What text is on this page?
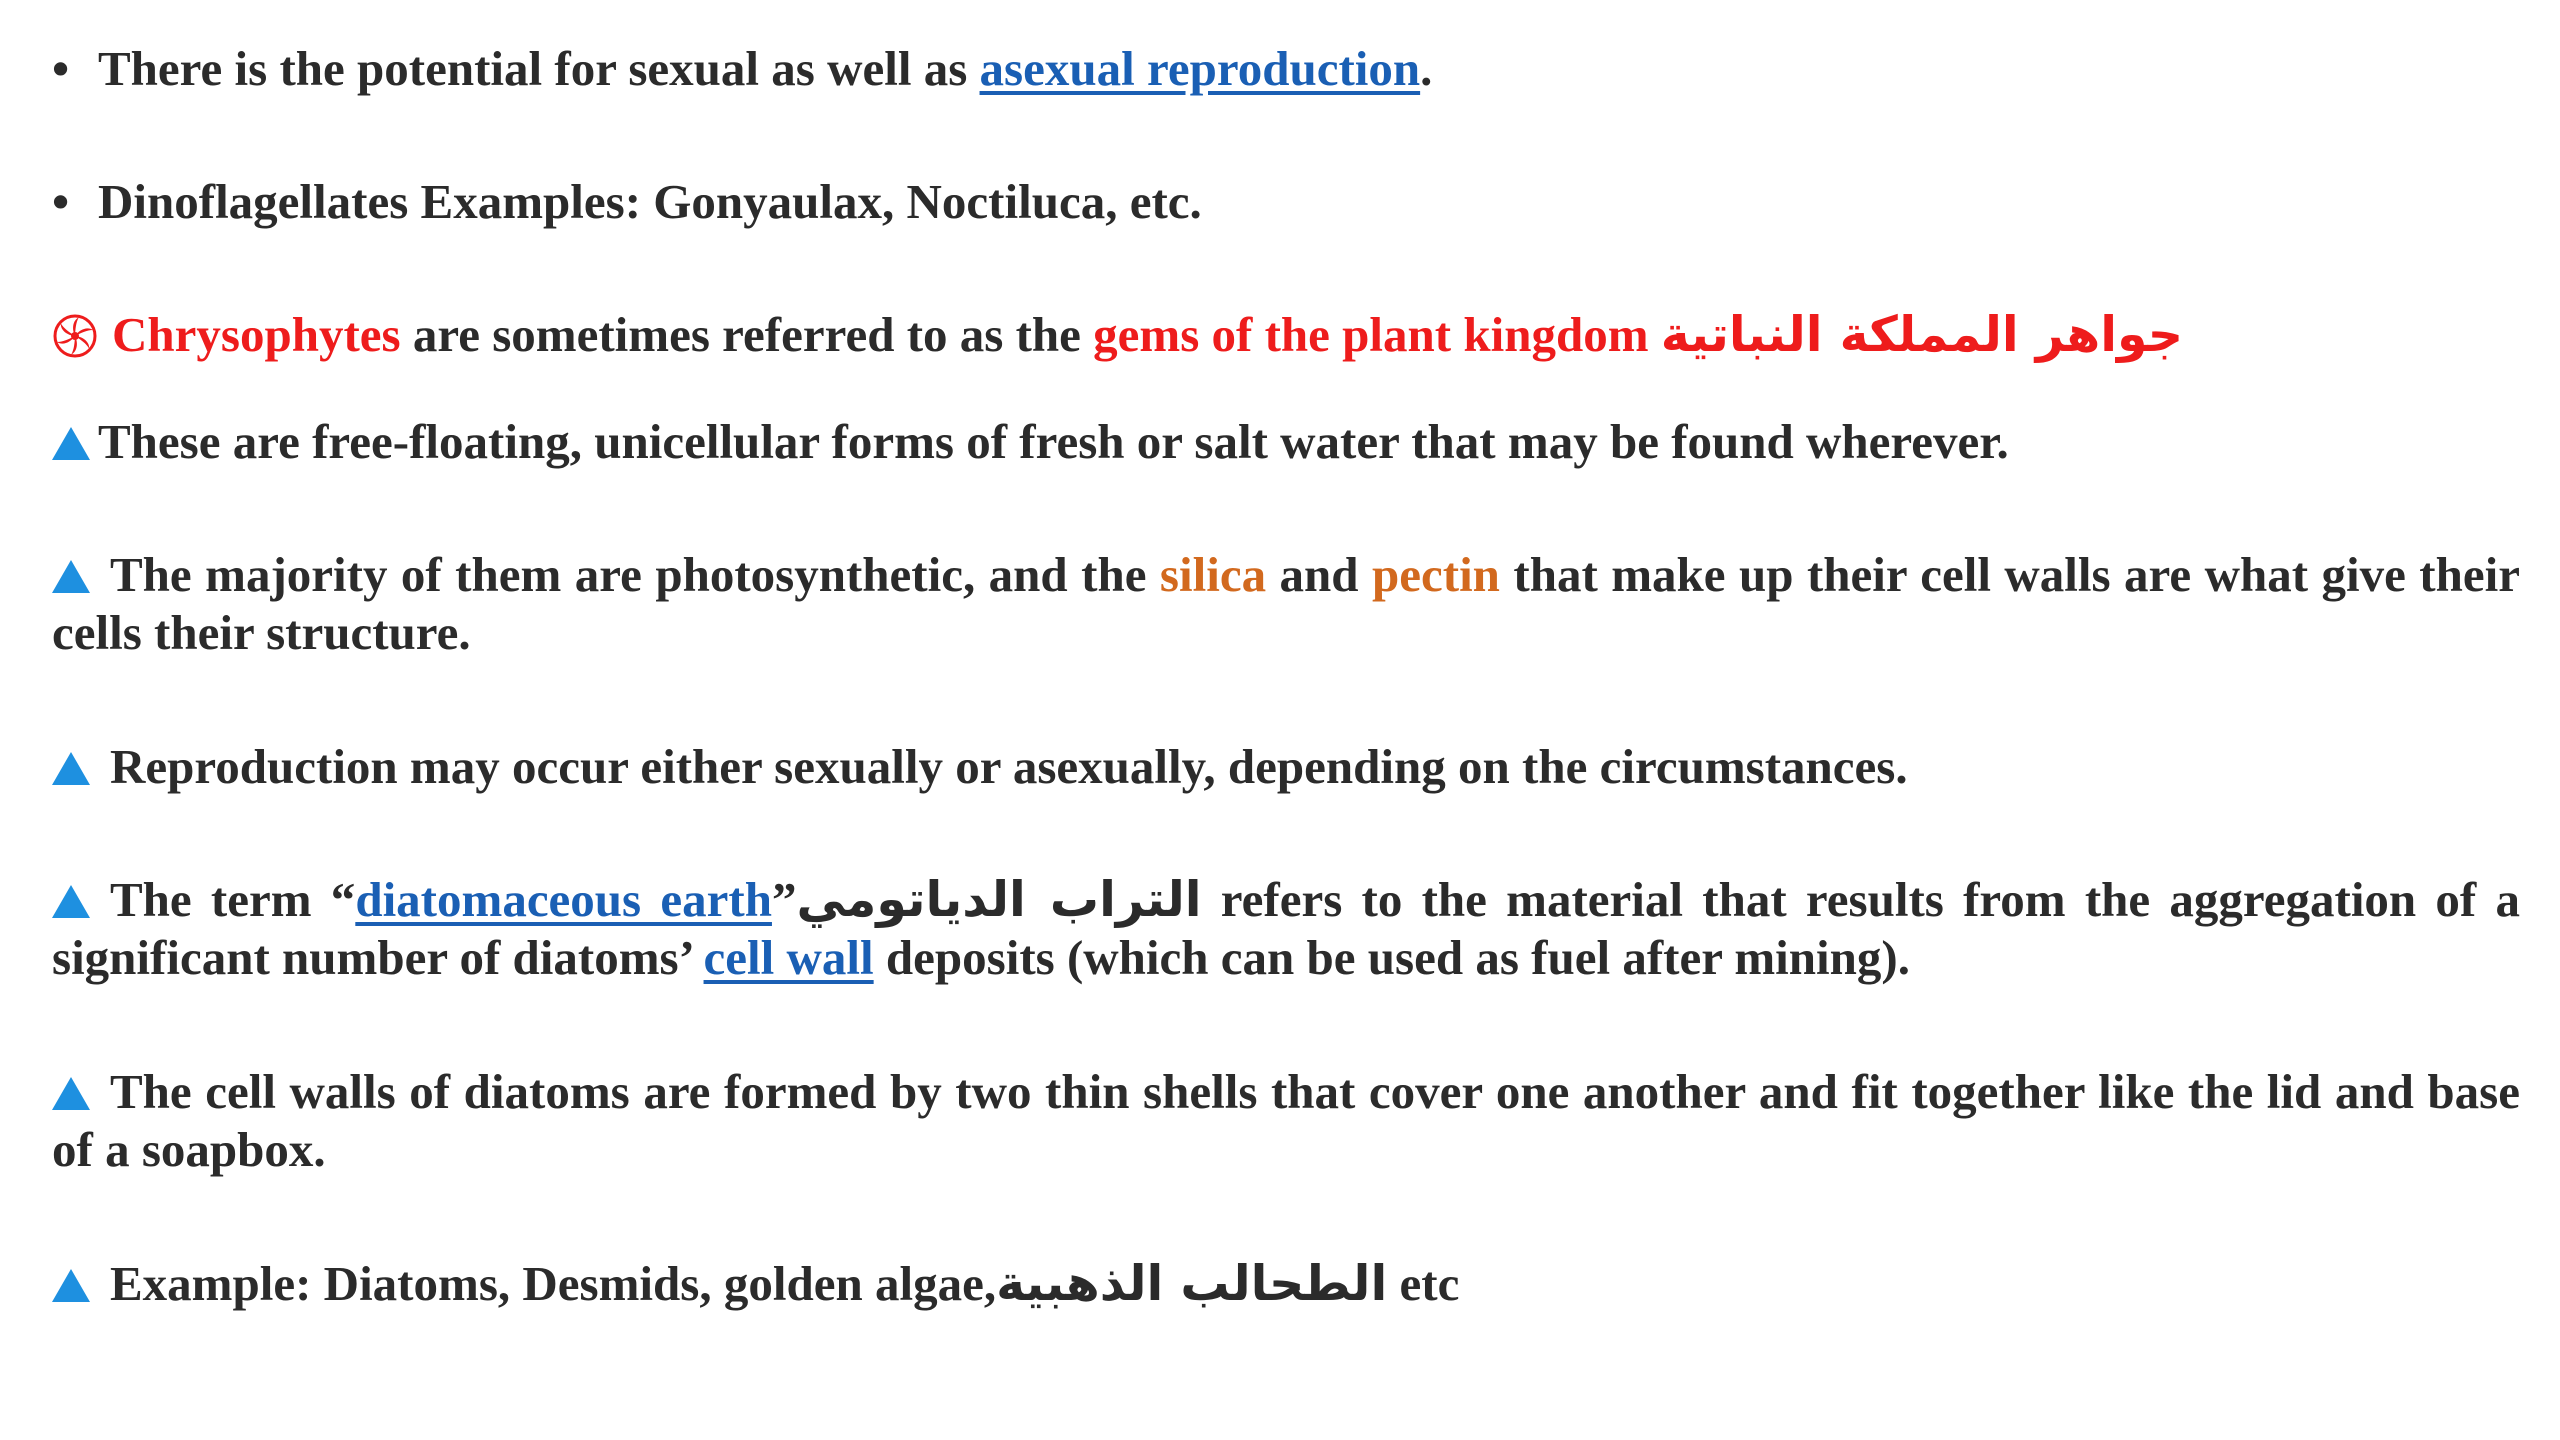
• There is the potential for sexual as well as asexual reproduction.
• Dinoflagellates Examples: Gonyaulax, Noctiluca, etc.
Chrysophytes are sometimes referred to as the gems of the plant kingdom جواهر المملكة النباتية
These are free-floating, unicellular forms of fresh or salt water that may be found wherever.
The majority of them are photosynthetic, and the silica and pectin that make up their cell walls are what give their cells their structure.
Reproduction may occur either sexually or asexually, depending on the circumstances.
The term “diatomaceous earth”التراب الدياتومي refers to the material that results from the aggregation of a significant number of diatoms’ cell wall deposits (which can be used as fuel after mining).
The cell walls of diatoms are formed by two thin shells that cover one another and fit together like the lid and base of a soapbox.
Example: Diatoms, Desmids, golden algae,الطحالب الذهبية etc
